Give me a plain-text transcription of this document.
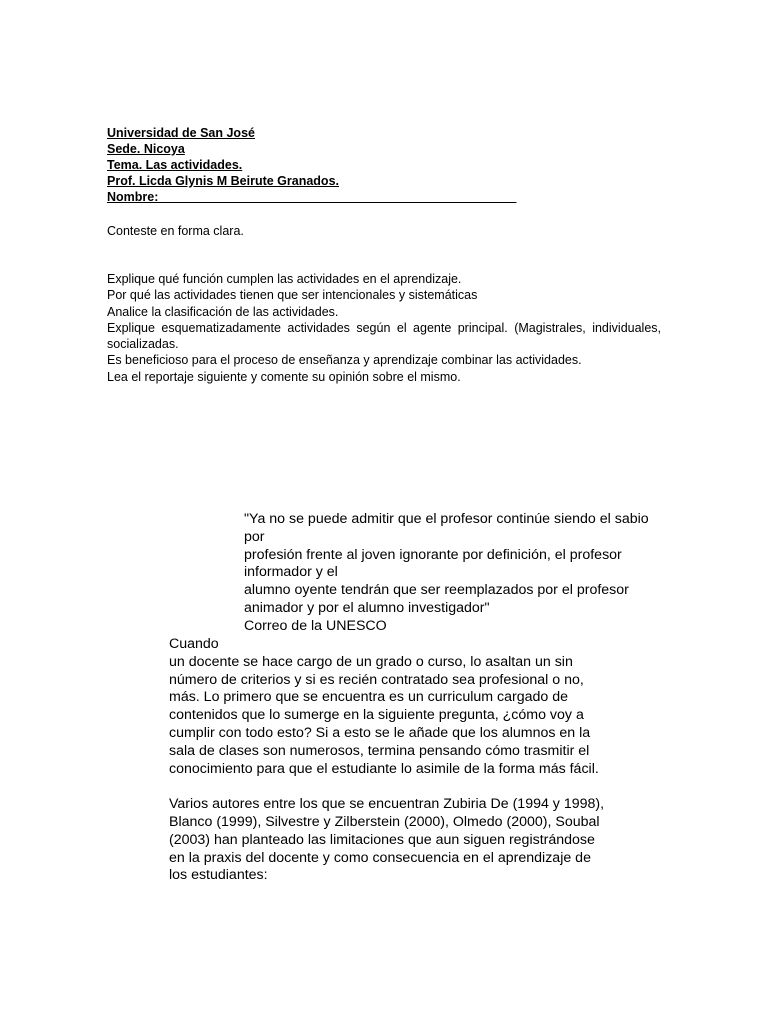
Universidad de San José
Sede. Nicoya
Tema. Las actividades.
Prof. Licda Glynis M Beirute Granados.
Nombre: ___________________________________________________
Conteste en forma clara.

Explique qué función cumplen las actividades en el aprendizaje.

Por qué las actividades tienen que ser intencionales y sistemáticas

Analice la clasificación de las actividades.

Explique esquematizadamente actividades según el agente principal. (Magistrales, individuales, socializadas.

Es beneficioso para el proceso de enseñanza y aprendizaje combinar las actividades.

Lea el reportaje siguiente y comente su opinión sobre el mismo.

"Ya no se puede admitir que el profesor continúe siendo el sabio por

profesión frente al joven ignorante por definición, el profesor informador y el

alumno oyente tendrán que ser reemplazados por el profesor animador y por el alumno investigador"

Correo de la UNESCO

Cuando

un docente se hace cargo de un grado o curso, lo asaltan un sin número de criterios y si es recién contratado sea profesional o no, más. Lo primero que se encuentra es un curriculum cargado de contenidos que lo sumerge en la siguiente pregunta, ¿cómo voy a cumplir con todo esto? Si a esto se le añade que los alumnos en la sala de clases son numerosos, termina pensando cómo trasmitir el conocimiento para que el estudiante lo asimile de la forma más fácil.

Varios autores entre los que se encuentran Zubiria De (1994 y 1998), Blanco (1999), Silvestre y Zilberstein (2000), Olmedo (2000), Soubal (2003) han planteado las limitaciones que aun siguen registrándose en la praxis del docente y como consecuencia en el aprendizaje de los estudiantes:
